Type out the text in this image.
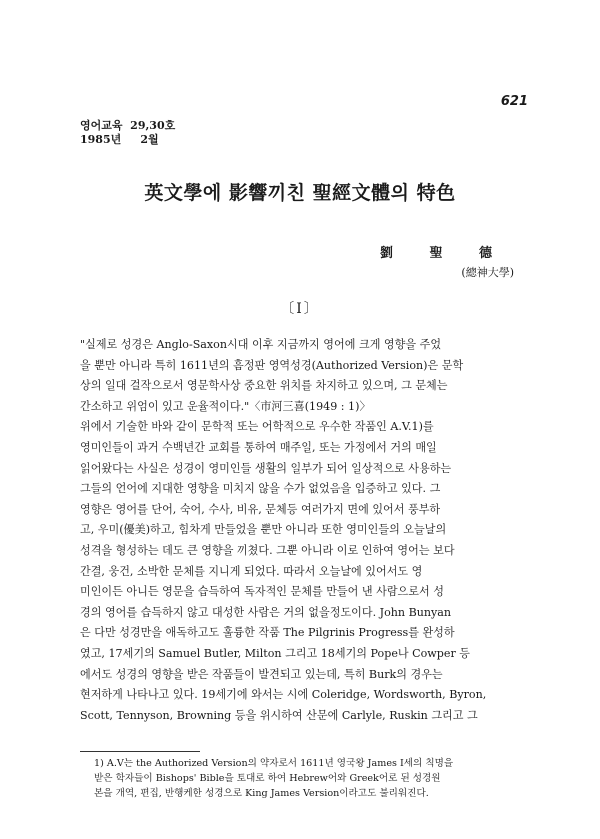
621
영어교육  29,30호
1985년     2월
英文學에 影響끼친 聖經文體의 特色
劉 聖 德
(總神大學)
〔Ⅰ〕
"실제로 성경은 Anglo-Saxon시대 이후 지금까지 영어에 크게 영향을 주었
을 뿐만 아니라 특히 1611년의 흠정판 영역성경(Authorized Version)은 문학
상의 일대 걸작으로서 영문학사상 중요한 위치를 차지하고 있으며, 그 문체는
간소하고 위엄이 있고 운율적이다."〈市河三喜(1949 : 1)〉
위에서 기술한 바와 같이 문학적 또는 어학적으로 우수한 작품인 A.V.1)를
영미인들이 과거 수백년간 교회를 통하여 매주일, 또는 가정에서 거의 매일
읽어왔다는 사실은 성경이 영미인들 생활의 일부가 되어 일상적으로 사용하는
그들의 언어에 지대한 영향을 미치지 않을 수가 없었음을 입증하고 있다. 그
영향은 영어를 단어, 숙어, 수사, 비유, 문체등 여러가지 면에 있어서 풍부하
고, 우미(優美)하고, 힘차게 만들었을 뿐만 아니라 또한 영미인들의 오늘날의
성격을 형성하는 데도 큰 영향을 끼쳤다. 그뿐 아니라 이로 인하여 영어는 보다
간결, 웅건, 소박한 문체를 지니게 되었다. 따라서 오늘날에 있어서도 영
미인이든 아니든 영문을 습득하여 독자적인 문체를 만들어 낸 사람으로서 성
경의 영어를 습득하지 않고 대성한 사람은 거의 없을정도이다. John Bunyan
은 다만 성경만을 애독하고도 훌륭한 작품 The Pilgrinis Progress를 완성하
였고, 17세기의 Samuel Butler, Milton 그리고 18세기의 Pope나 Cowper 등
에서도 성경의 영향을 받은 작품들이 발견되고 있는데, 특히 Burk의 경우는
현저하게 나타나고 있다. 19세기에 와서는 시에 Coleridge, Wordsworth, Byron,
Scott, Tennyson, Browning 등을 위시하여 산문에 Carlyle, Ruskin 그리고 그
1) A.V는 the Authorized Version의 약자로서 1611년 영국왕 James Ⅰ세의 칙명을
받은 학자들이 Bishops' Bible을 토대로 하여 Hebrew어와 Greek어로 된 성경원
본을 개역, 편집, 반행케한 성경으로 King James Version이라고도 불리워진다.
